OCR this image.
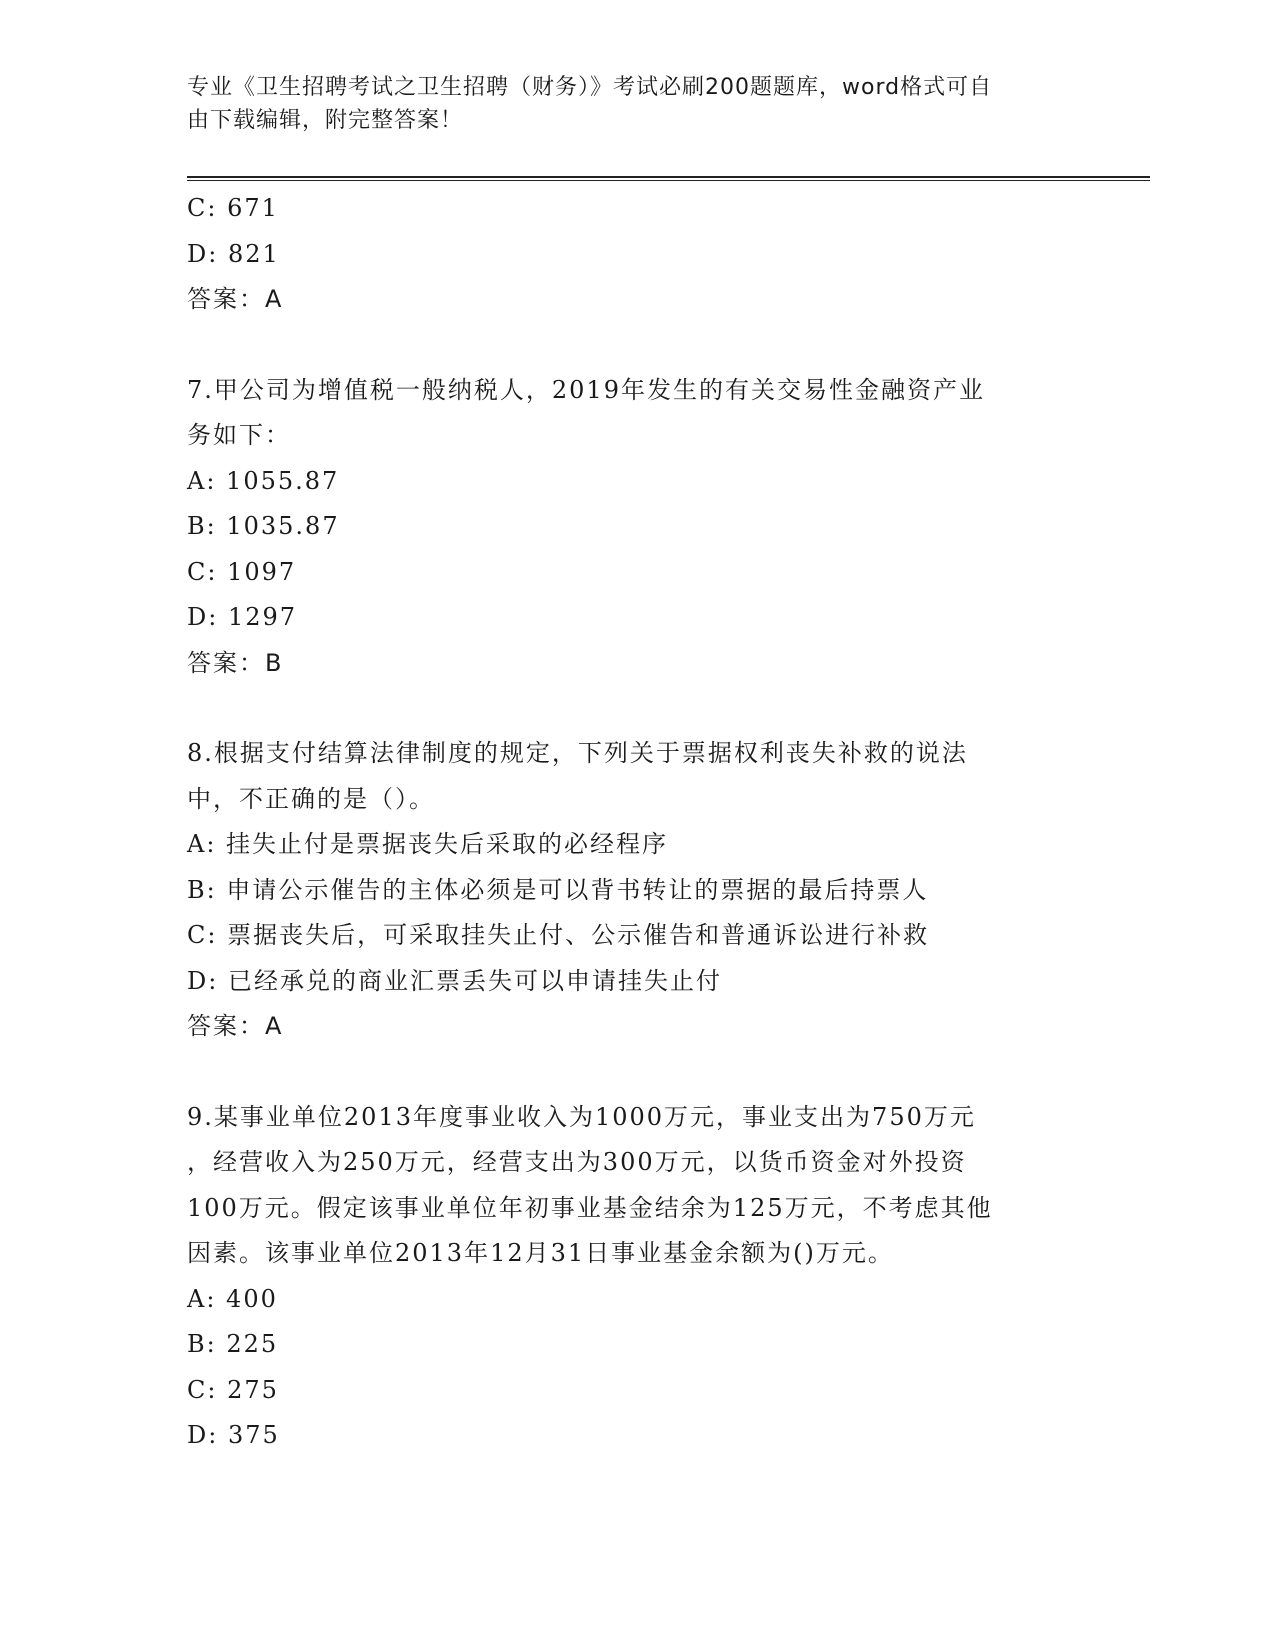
专业《卫生招聘考试之卫生招聘（财务）》考试必刷200题题库，word格式可自
由下载编辑，附完整答案！
C: 671
D: 821
答案：A
7.甲公司为增值税一般纳税人，2019年发生的有关交易性金融资产业
务如下：
A: 1055.87
B: 1035.87
C: 1097
D: 1297
答案：B
8.根据支付结算法律制度的规定，下列关于票据权利丧失补救的说法
中，不正确的是（）。
A: 挂失止付是票据丧失后采取的必经程序
B: 申请公示催告的主体必须是可以背书转让的票据的最后持票人
C: 票据丧失后，可采取挂失止付、公示催告和普通诉讼进行补救
D: 已经承兑的商业汇票丢失可以申请挂失止付
答案：A
9.某事业单位2013年度事业收入为1000万元，事业支出为750万元
，经营收入为250万元，经营支出为300万元，以货币资金对外投资
100万元。假定该事业单位年初事业基金结余为125万元，不考虑其他
因素。该事业单位2013年12月31日事业基金余额为()万元。
A: 400
B: 225
C: 275
D: 375
